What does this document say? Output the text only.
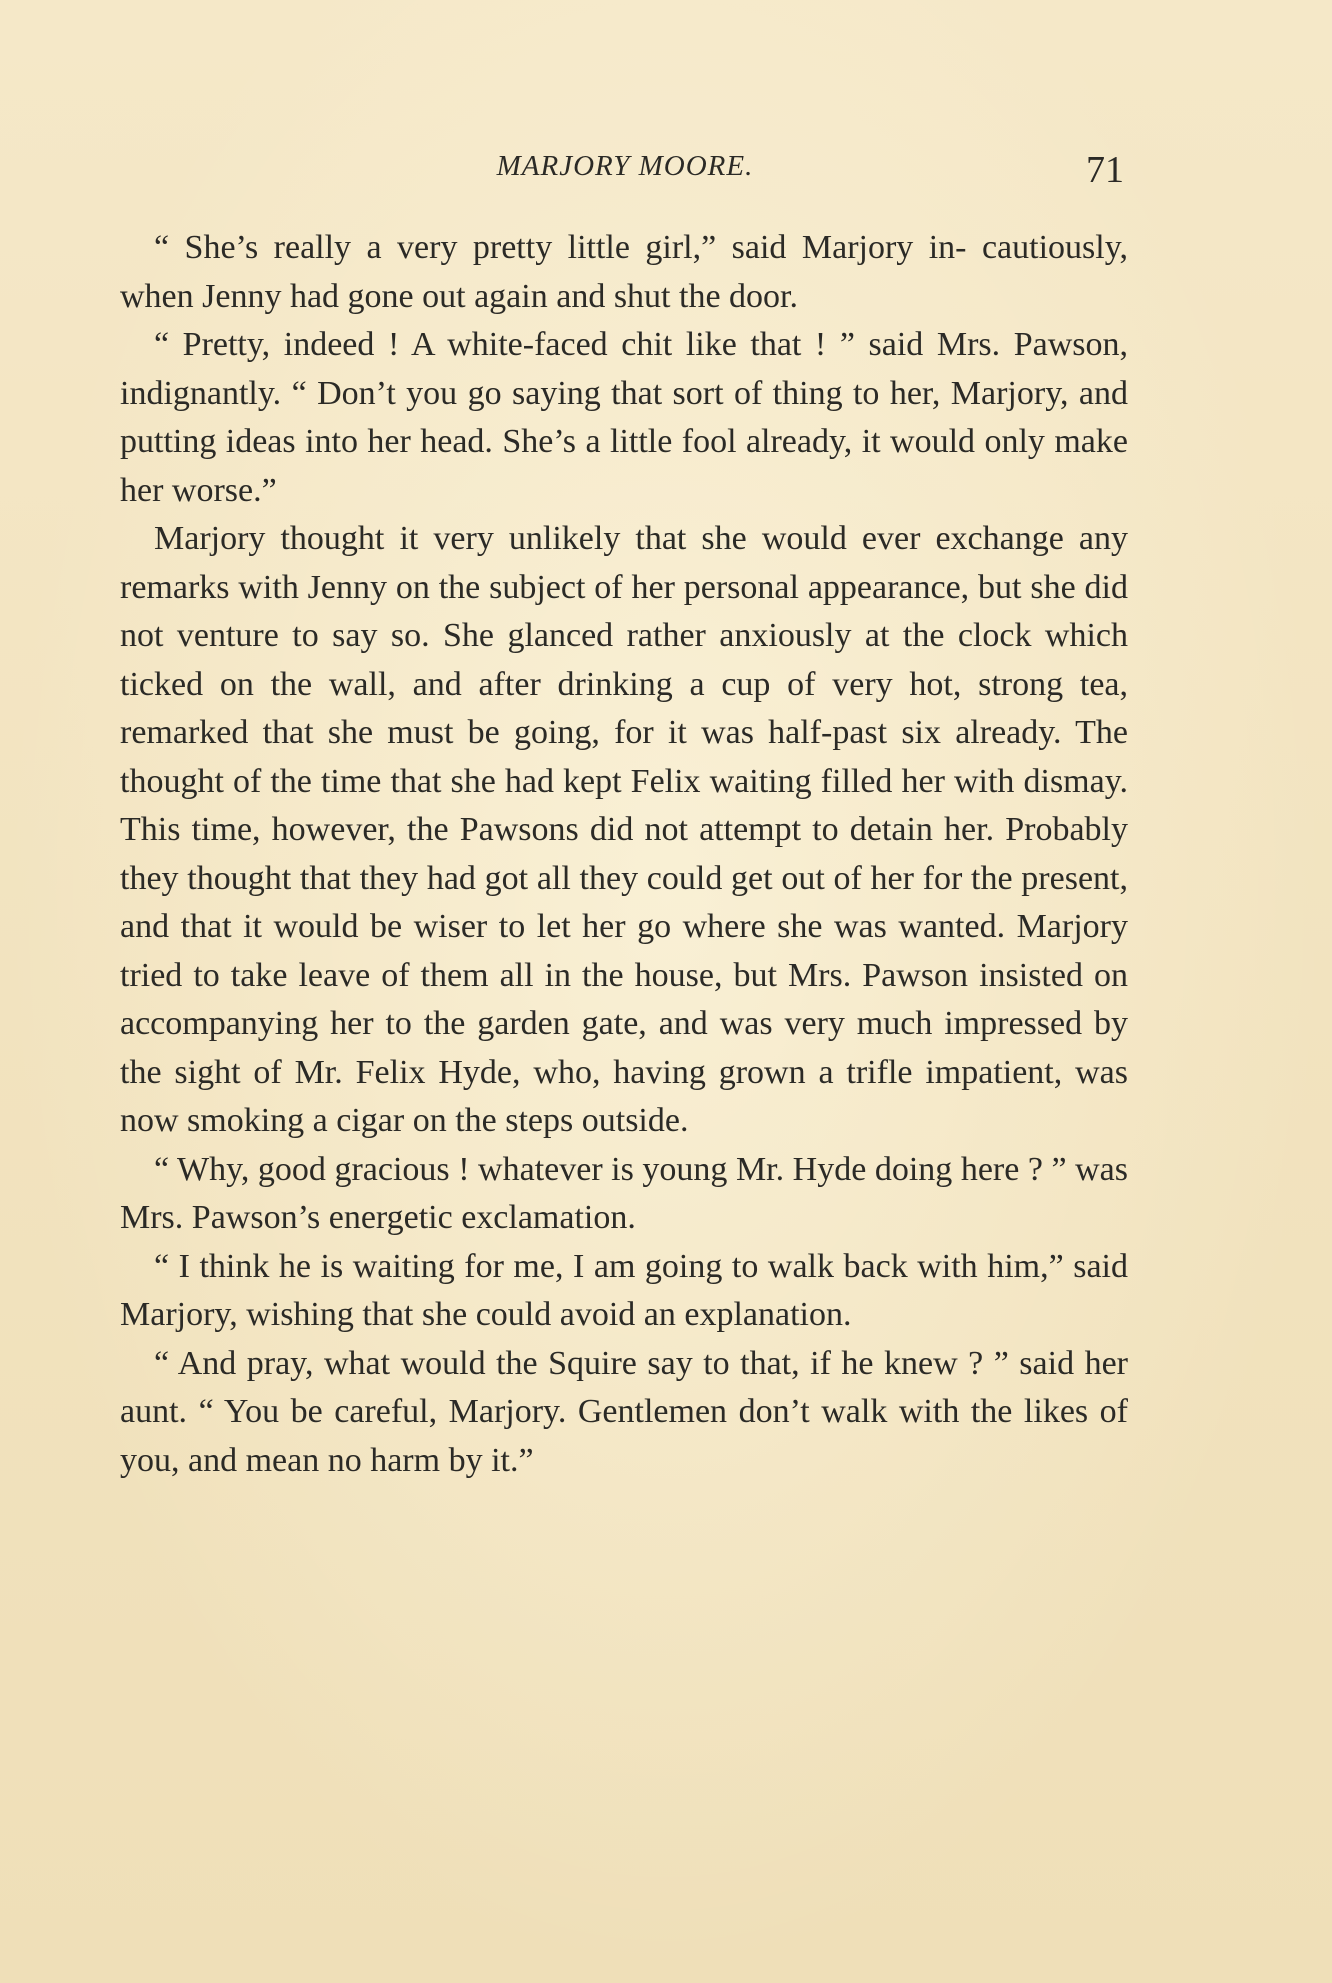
MARJORY MOORE.	71

“ She’s really a very pretty little girl,” said Marjory in- cautiously, when Jenny had gone out again and shut the door.

“ Pretty, indeed ! A white-faced chit like that ! ” said Mrs. Pawson, indignantly. “ Don’t you go saying that sort of thing to her, Marjory, and putting ideas into her head. She’s a little fool already, it would only make her worse.”

Marjory thought it very unlikely that she would ever exchange any remarks with Jenny on the subject of her personal appearance, but she did not venture to say so. She glanced rather anxiously at the clock which ticked on the wall, and after drinking a cup of very hot, strong tea, remarked that she must be going, for it was half-past six already. The thought of the time that she had kept Felix waiting filled her with dismay. This time, however, the Pawsons did not attempt to detain her. Probably they thought that they had got all they could get out of her for the present, and that it would be wiser to let her go where she was wanted. Marjory tried to take leave of them all in the house, but Mrs. Pawson insisted on accompanying her to the garden gate, and was very much impressed by the sight of Mr. Felix Hyde, who, having grown a trifle impatient, was now smoking a cigar on the steps outside.

“ Why, good gracious ! whatever is young Mr. Hyde doing here ? ” was Mrs. Pawson’s energetic exclamation.

“ I think he is waiting for me, I am going to walk back with him,” said Marjory, wishing that she could avoid an explanation.

“ And pray, what would the Squire say to that, if he knew ? ” said her aunt. “ You be careful, Marjory. Gentlemen don’t walk with the likes of you, and mean no harm by it.”
